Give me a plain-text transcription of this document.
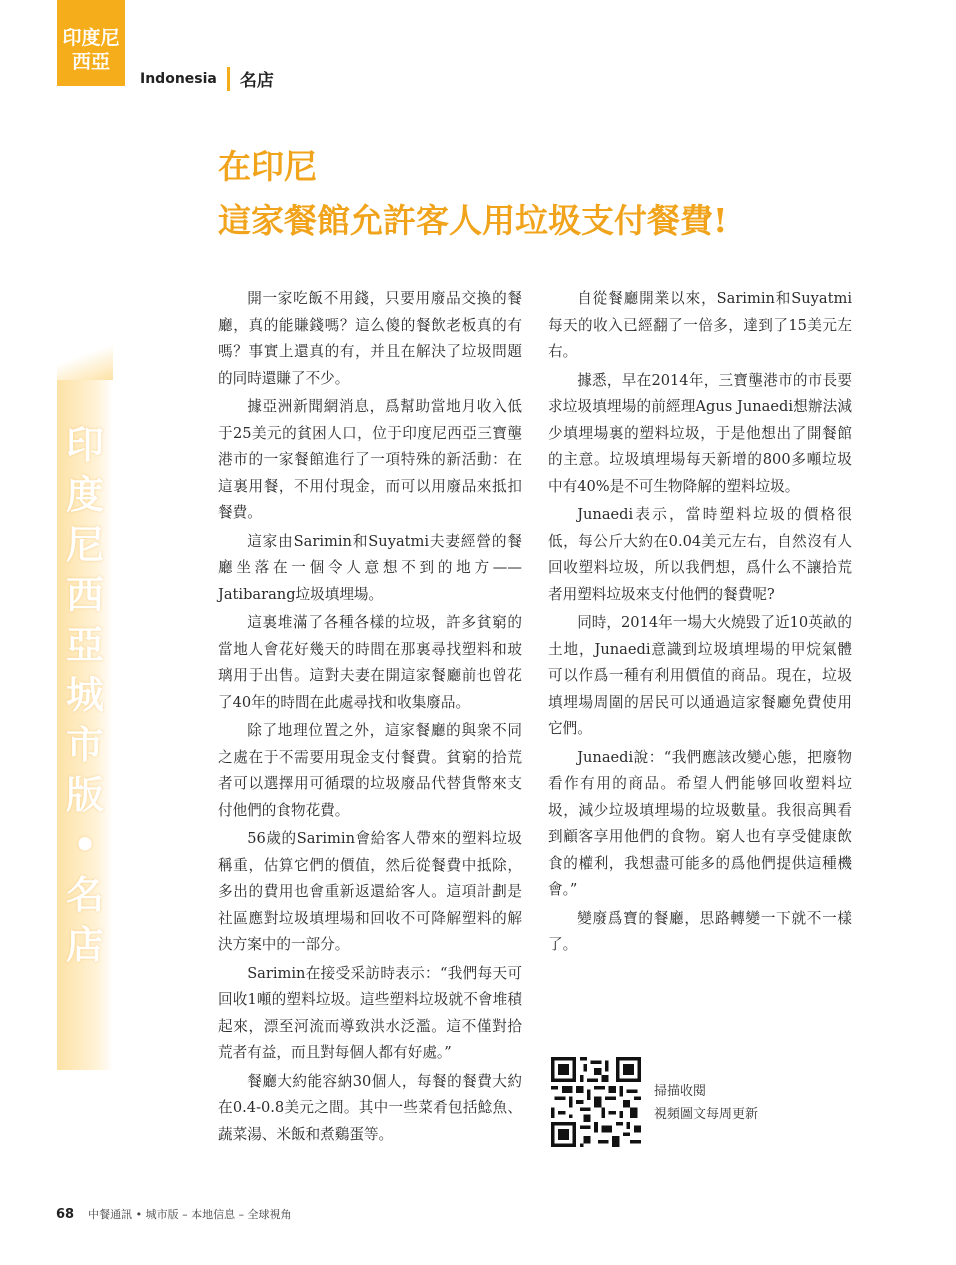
印度尼
西亞
Indonesia 名店
印
度
尼
西
亞
城
市
版
•
名
店
在印尼
這家餐館允許客人用垃圾支付餐費!

開一家吃飯不用錢，只要用廢品交換的餐廳，真的能賺錢嗎？這么傻的餐飲老板真的有嗎？事實上還真的有，并且在解決了垃圾問題的同時還賺了不少。

據亞洲新聞網消息，爲幫助當地月收入低于25美元的貧困人口，位于印度尼西亞三寶壟港市的一家餐館進行了一項特殊的新活動：在這裏用餐，不用付現金，而可以用廢品來抵扣餐費。

這家由Sarimin和Suyatmi夫妻經營的餐廳坐落在一個令人意想不到的地方——Jatibarang垃圾填埋場。

這裏堆滿了各種各樣的垃圾，許多貧窮的當地人會花好幾天的時間在那裏尋找塑料和玻璃用于出售。這對夫妻在開這家餐廳前也曾花了40年的時間在此處尋找和收集廢品。

除了地理位置之外，這家餐廳的與衆不同之處在于不需要用現金支付餐費。貧窮的拾荒者可以選擇用可循環的垃圾廢品代替貨幣來支付他們的食物花費。

56歲的Sarimin會給客人帶來的塑料垃圾稱重，估算它們的價值，然后從餐費中抵除，多出的費用也會重新返還給客人。這項計劃是社區應對垃圾填埋場和回收不可降解塑料的解決方案中的一部分。

Sarimin在接受采訪時表示：“我們每天可回收1噸的塑料垃圾。這些塑料垃圾就不會堆積起來，漂至河流而導致洪水泛濫。這不僅對拾荒者有益，而且對每個人都有好處。”

餐廳大約能容納30個人，每餐的餐費大約在0.4-0.8美元之間。其中一些菜肴包括鯰魚、蔬菜湯、米飯和煮鷄蛋等。

自從餐廳開業以來，Sarimin和Suyatmi每天的收入已經翻了一倍多，達到了15美元左右。

據悉，早在2014年，三寶壟港市的市長要求垃圾填埋場的前經理Agus Junaedi想辦法減少填埋場裏的塑料垃圾，于是他想出了開餐館的主意。垃圾填埋場每天新增的800多噸垃圾中有40%是不可生物降解的塑料垃圾。

Junaedi表示，當時塑料垃圾的價格很低，每公斤大約在0.04美元左右，自然沒有人回收塑料垃圾，所以我們想，爲什么不讓拾荒者用塑料垃圾來支付他們的餐費呢?

同時，2014年一場大火燒毀了近10英畝的土地，Junaedi意識到垃圾填埋場的甲烷氣體可以作爲一種有利用價值的商品。現在，垃圾填埋場周圍的居民可以通過這家餐廳免費使用它們。

Junaedi說：“我們應該改變心態，把廢物看作有用的商品。希望人們能够回收塑料垃圾，減少垃圾填埋場的垃圾數量。我很高興看到顧客享用他們的食物。窮人也有享受健康飲食的權利，我想盡可能多的爲他們提供這種機會。”

變廢爲寶的餐廳，思路轉變一下就不一樣了。

掃描收閱
視頻圖文每周更新
68 中餐通訊 • 城市版 – 本地信息 – 全球視角
